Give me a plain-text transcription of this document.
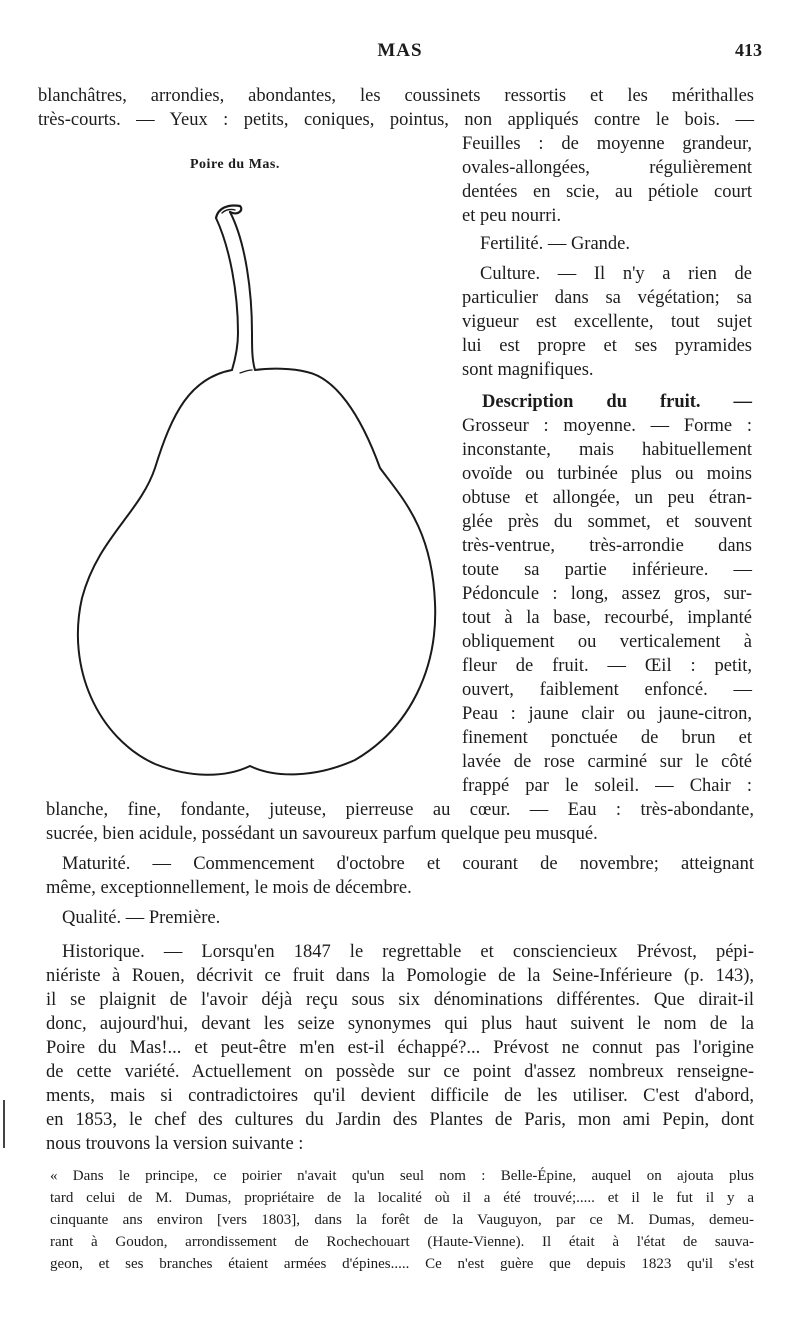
MAS	413
blanchâtres, arrondies, abondantes, les coussinets ressortis et les mérithalles
très-courts. — Yeux : petits, coniques, pointus, non appliqués contre le bois. —
Poire du Mas.
Feuilles : de moyenne grandeur,
ovales-allongées, régulièrement
dentées en scie, au pétiole court
et peu nourri.
Fertilité. — Grande.
Culture. — Il n'y a rien de
particulier dans sa végétation; sa
vigueur est excellente, tout sujet
lui est propre et ses pyramides
sont magnifiques.
Description du fruit. —
Grosseur : moyenne. — Forme :
inconstante, mais habituellement
ovoïde ou turbinée plus ou moins
obtuse et allongée, un peu étran-
glée près du sommet, et souvent
très-ventrue, très-arrondie dans
toute sa partie inférieure. —
Pédoncule : long, assez gros, sur-
tout à la base, recourbé, implanté
obliquement ou verticalement à
fleur de fruit. — Œil : petit,
ouvert, faiblement enfoncé. —
Peau : jaune clair ou jaune-citron,
finement ponctuée de brun et
lavée de rose carminé sur le côté
frappé par le soleil. — Chair :
blanche, fine, fondante, juteuse, pierreuse au cœur. — Eau : très-abondante,
sucrée, bien acidule, possédant un savoureux parfum quelque peu musqué.
Maturité. — Commencement d'octobre et courant de novembre; atteignant
même, exceptionnellement, le mois de décembre.
Qualité. — Première.
Historique. — Lorsqu'en 1847 le regrettable et consciencieux Prévost, pépi-
niériste à Rouen, décrivit ce fruit dans la Pomologie de la Seine-Inférieure (p. 143),
il se plaignit de l'avoir déjà reçu sous six dénominations différentes. Que dirait-il
donc, aujourd'hui, devant les seize synonymes qui plus haut suivent le nom de la
Poire du Mas!... et peut-être m'en est-il échappé?... Prévost ne connut pas l'origine
de cette variété. Actuellement on possède sur ce point d'assez nombreux renseigne-
ments, mais si contradictoires qu'il devient difficile de les utiliser. C'est d'abord,
en 1853, le chef des cultures du Jardin des Plantes de Paris, mon ami Pepin, dont
nous trouvons la version suivante :
« Dans le principe, ce poirier n'avait qu'un seul nom : Belle-Épine, auquel on ajouta plus
tard celui de M. Dumas, propriétaire de la localité où il a été trouvé;..... et il le fut il y a
cinquante ans environ [vers 1803], dans la forêt de la Vauguyon, par ce M. Dumas, demeu-
rant à Goudon, arrondissement de Rochechouart (Haute-Vienne). Il était à l'état de sauva-
geon, et ses branches étaient armées d'épines..... Ce n'est guère que depuis 1823 qu'il s'est
